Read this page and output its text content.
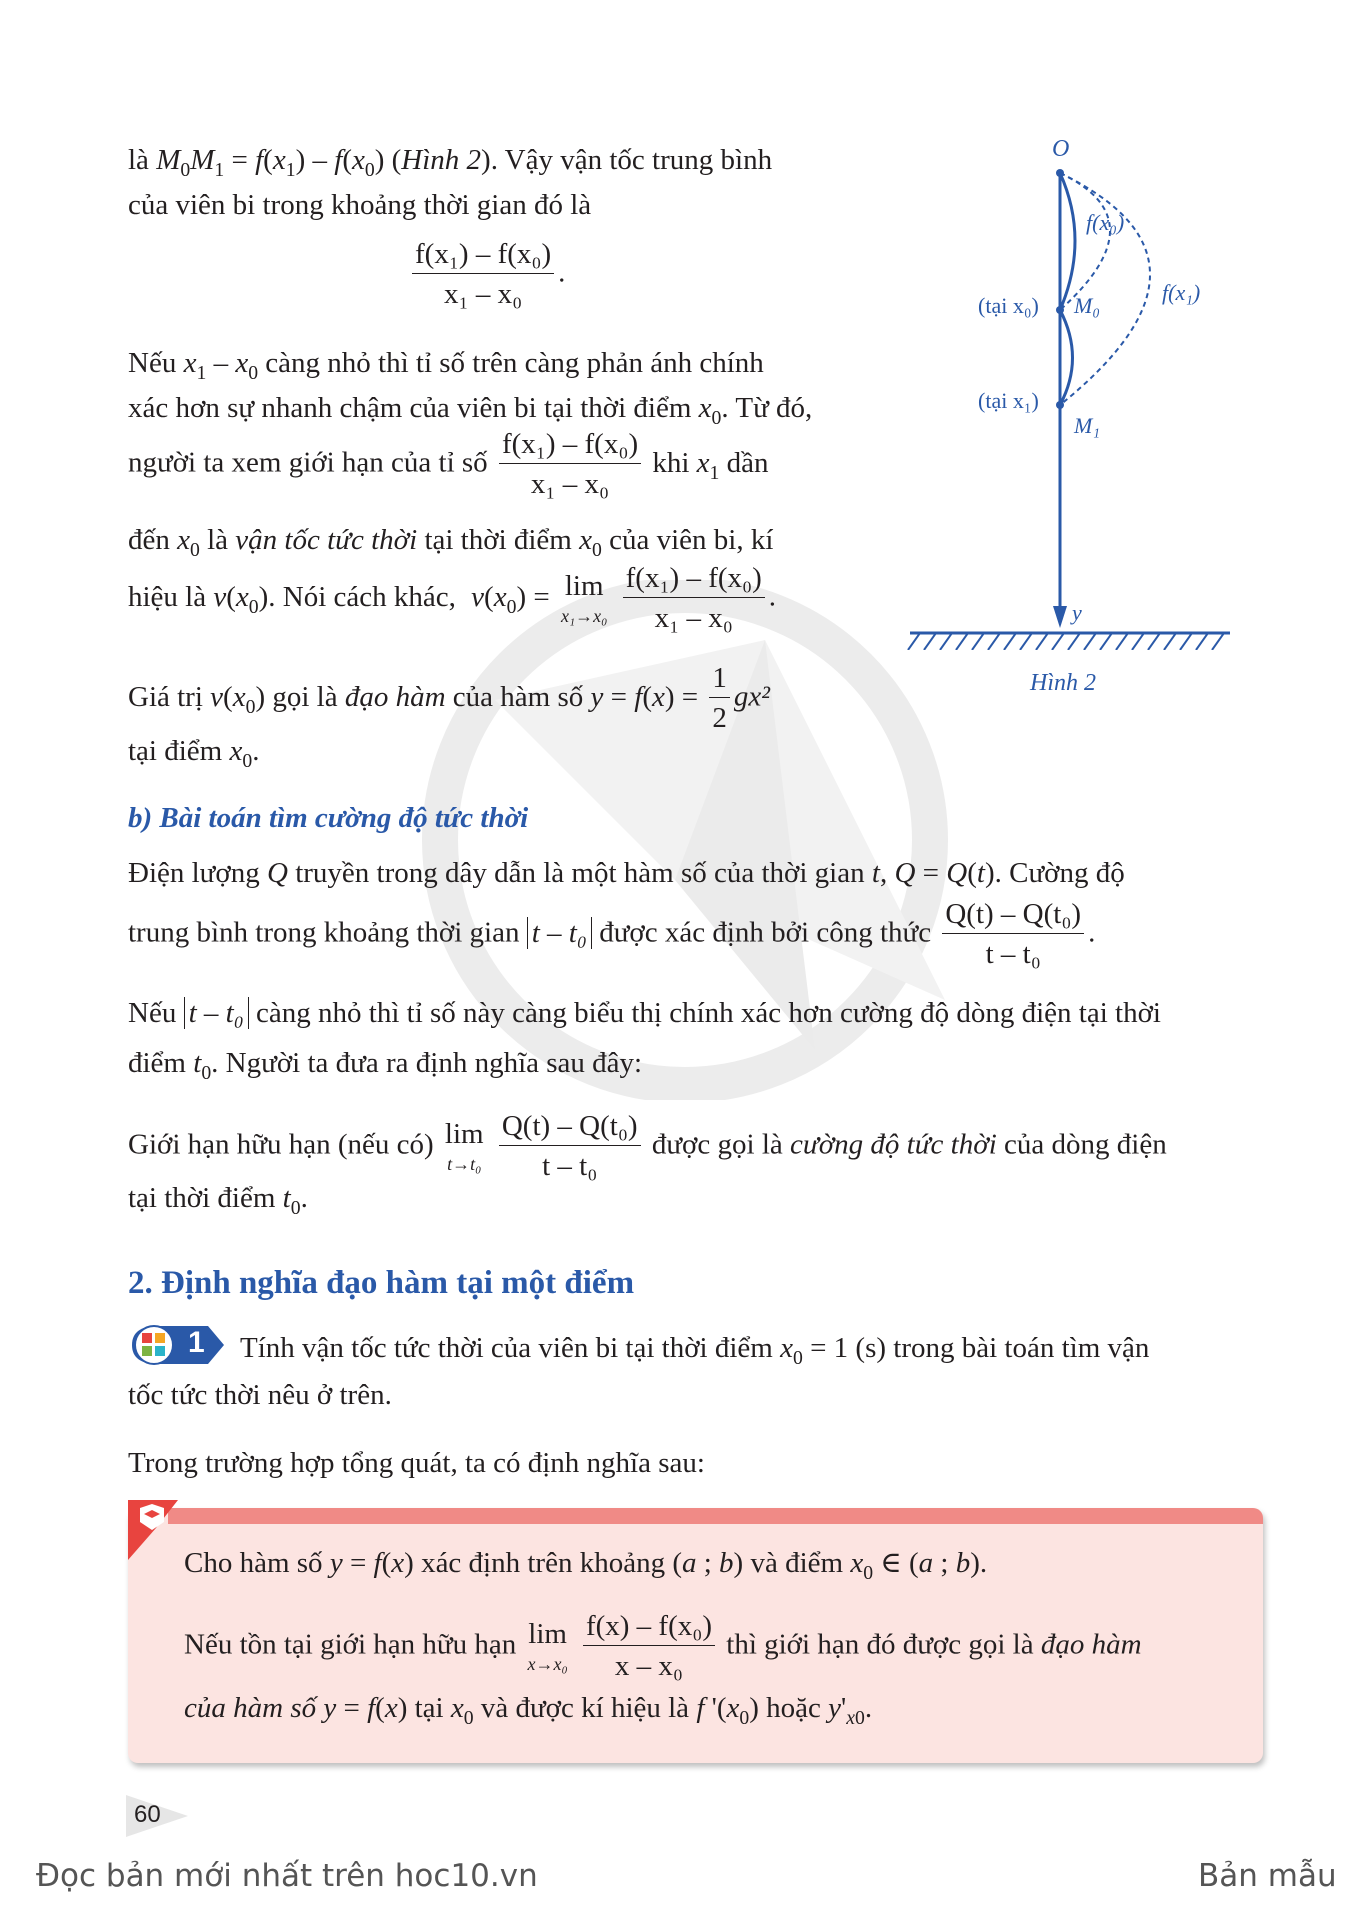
là $M_0M_1 = f(x_1) - f(x_0)$ (Hình 2). Vậy vận tốc trung bình
của viên bi trong khoảng thời gian đó là
$\frac{\text{f(x₁) – f(x₀)}}{\text{x₁ – x₀}}$ .
Nếu $x_1 - x_0$ càng nhỏ thì tỉ số trên càng phản ánh chính
xác hơn sự nhanh chậm của viên bi tại thời điểm $x_0$. Từ đó,
người ta xem giới hạn của tỉ số $\frac{\text{f(x₁) – f(x₀)}}{\text{x₁ – x₀}}$ khi $x_1$ dần
đến $x_0$ là vận tốc tức thời tại thời điểm $x_0$ của viên bi, kí
hiệu là $v(x_0)$. Nói cách khác, $v(x_0) = \lim$
x₁→x₀
$\frac{\text{f(x₁) – f(x₀)}}{\text{x₁ – x₀}}$ .
Giá trị $v(x_0)$ gọi là đạo hàm của hàm số $y = f(x) = \frac{1}{2} gx^2$
tại điểm $x_0$.
b) Bài toán tìm cường độ tức thời
Điện lượng Q truyền trong dây dẫn là một hàm số của thời gian t, Q = Q(t). Cường độ
trung bình trong khoảng thời gian t – t₀ được xác định bởi công thức $\frac{\text{Q(t) – Q(t₀)}}{\text{t – t₀}}$ .
Nếu t – t₀ càng nhỏ thì tỉ số này càng biểu thị chính xác hơn cường độ dòng điện tại thời
điểm $t_0$. Người ta đưa ra định nghĩa sau đây:
Giới hạn hữu hạn (nếu có) lim
t→t₀
$\frac{\text{Q(t) – Q(t₀)}}{\text{t – t₀}}$ được gọi là cường độ tức thời của dòng điện
tại thời điểm $t_0$.
2. Định nghĩa đạo hàm tại một điểm
1 Tính vận tốc tức thời của viên bi tại thời điểm $x_0 = 1$ (s) trong bài toán tìm vận
tốc tức thời nêu ở trên.
Trong trường hợp tổng quát, ta có định nghĩa sau:
Cho hàm số y = f(x) xác định trên khoảng (a ; b) và điểm $x_0$ ∈ (a ; b).
Nếu tồn tại giới hạn hữu hạn lim
x→x₀
$\frac{\text{f(x) – f(x₀)}}{\text{x – x₀}}$ thì giới hạn đó được gọi là đạo hàm
của hàm số y = f(x) tại $x_0$ và được kí hiệu là f '$(x_0)$ hoặc $y'_{x0}$.
O
f(x₀)
f(x₁)
(tại x₀) M₀
(tại x₁)
M₁
y
Hình 2
60
Đọc bản mới nhất trên hoc10.vn	Bản mẫu
